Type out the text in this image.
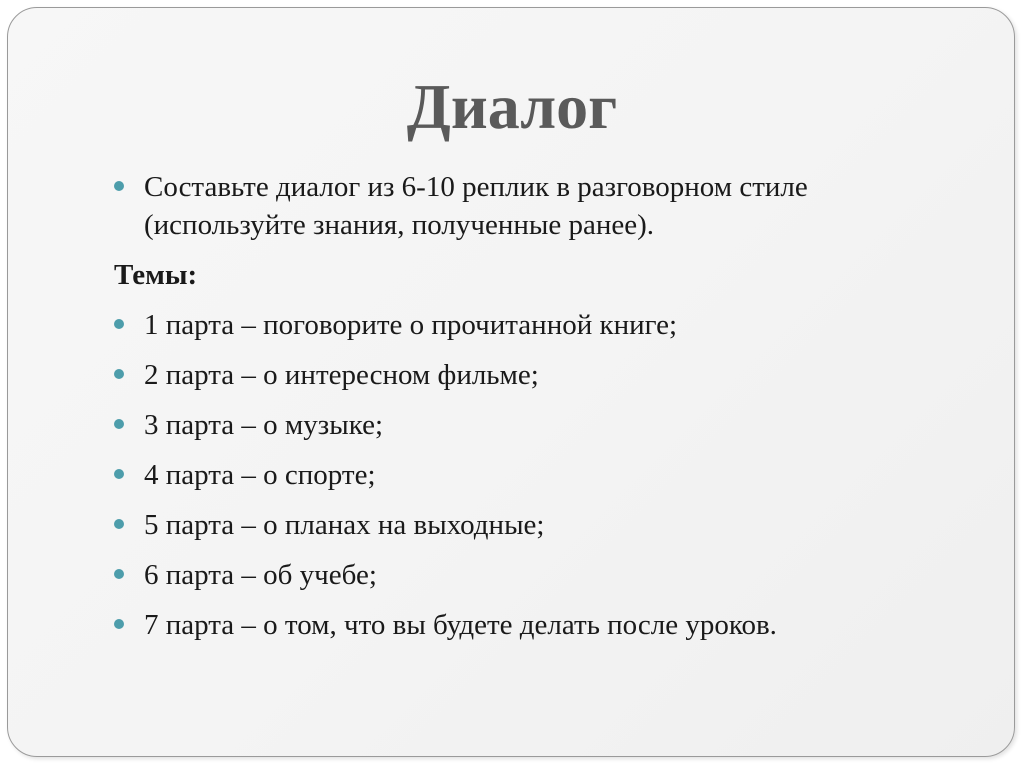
Диалог
Составьте диалог из 6-10 реплик в разговорном стиле (используйте знания, полученные ранее).
Темы:
1 парта – поговорите о прочитанной книге;
2 парта – о интересном фильме;
3 парта – о музыке;
4 парта – о спорте;
5 парта – о планах на выходные;
6 парта – об учебе;
7 парта – о том, что вы будете делать после уроков.
